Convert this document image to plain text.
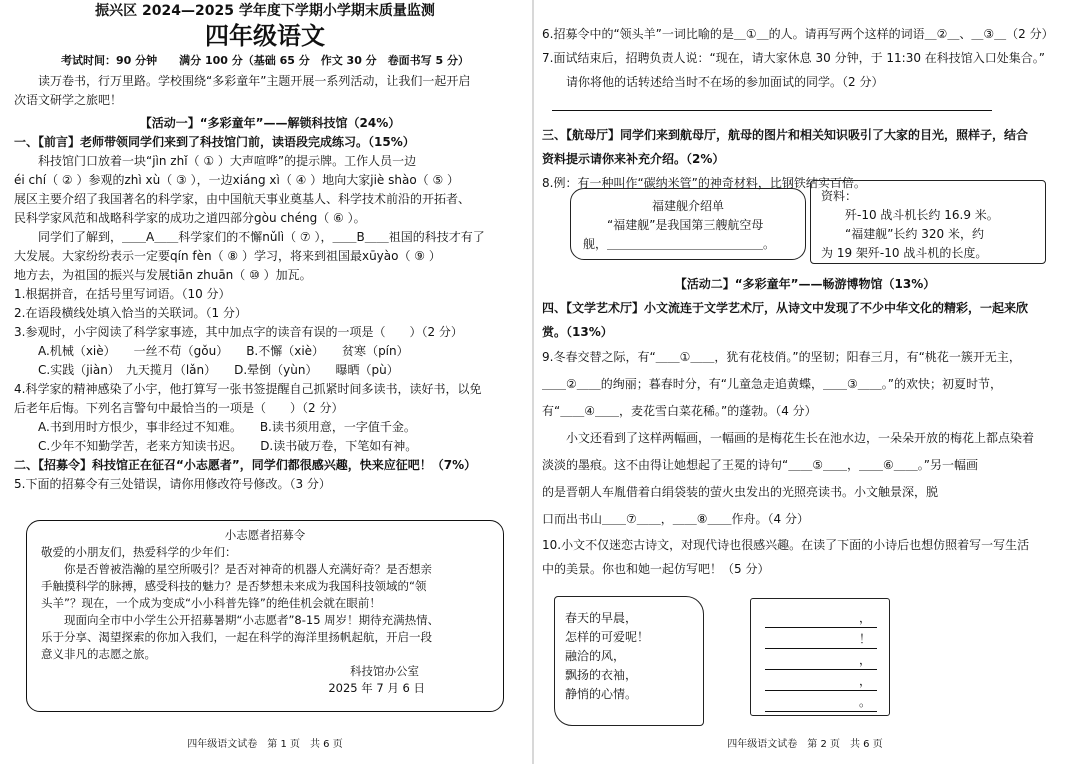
振兴区 2024—2025 学年度下学期小学期末质量监测

四年级语文

考试时间：90 分钟　　满分 100 分（基础 65 分　作文 30 分　卷面书写 5 分）

读万卷书，行万里路。学校围绕“多彩童年”主题开展一系列活动，让我们一起开启

次语文研学之旅吧！

【活动一】“多彩童年”——解锁科技馆（24%）

一、【前言】老师带领同学们来到了科技馆门前，读语段完成练习。（15%）

科技馆门口放着一块“jìn zhǐ（ ① ）大声喧哗”的提示牌。工作人员一边

éi chí（ ② ）参观的zhì xù（ ③ ），一边xiáng xì（ ④ ）地向大家jiè shào（ ⑤ ）

展区主要介绍了我国著名的科学家，由中国航天事业奠基人、科学技术前沿的开拓者、

民科学家风范和战略科学家的成功之道四部分gòu chéng（ ⑥ ）。

同学们了解到，＿＿A＿＿科学家们的不懈nǔlì（ ⑦ ），＿＿B＿＿祖国的科技才有了

大发展。大家纷纷表示一定要qín fèn（ ⑧ ）学习，将来到祖国最xūyào（ ⑨ ）

地方去，为祖国的振兴与发展tiān zhuān（ ⑩ ）加瓦。

1.根据拼音，在括号里写词语。（10 分）

2.在语段横线处填入恰当的关联词。（1 分）

3.参观时，小宇阅读了科学家事迹，其中加点字的读音有误的一项是（　　）（2 分）

A.机械（xiè）　　一丝不苟（gǒu）　　B.不懈（xiè）　　贫寒（pín）

C.实践（jiàn）　九天揽月（lǎn）　　D.晕倒（yùn）　　曝晒（pù）

4.科学家的精神感染了小宇，他打算写一张书签提醒自己抓紧时间多读书，读好书，以免

后老年后悔。下列名言警句中最恰当的一项是（　　）（2 分）

A.书到用时方恨少，事非经过不知难。　　B.读书须用意，一字值千金。

C.少年不知勤学苦，老来方知读书迟。　　D.读书破万卷，下笔如有神。

二、【招募令】科技馆正在征召“小志愿者”，同学们都很感兴趣，快来应征吧！（7%）

5.下面的招募令有三处错误，请你用修改符号修改。（3 分）

小志愿者招募令

敬爱的小朋友们，热爱科学的少年们：

你是否曾被浩瀚的星空所吸引？是否对神奇的机器人充满好奇？是否想亲

手触摸科学的脉搏，感受科技的魅力？是否梦想未来成为我国科技领域的“领

头羊”？现在，一个成为变成“小小科普先锋”的绝佳机会就在眼前！

现面向全市中小学生公开招募暑期“小志愿者”8-15 周岁！期待充满热情、

乐于分享、渴望探索的你加入我们，一起在科学的海洋里扬帆起航，开启一段

意义非凡的志愿之旅。

科技馆办公室

2025 年 7 月 6 日

四年级语文试卷　第 1 页　共 6 页

6.招募令中的“领头羊”一词比喻的是＿①＿的人。请再写两个这样的词语＿②＿、＿③＿（2 分）

7.面试结束后，招聘负责人说：“现在，请大家休息 30 分钟，于 11:30 在科技馆入口处集合。”

请你将他的话转述给当时不在场的参加面试的同学。（2 分）

三、【航母厅】同学们来到航母厅，航母的图片和相关知识吸引了大家的目光，照样子，结合

资料提示请你来补充介绍。（2%）

8.例：有一种叫作“碳纳米管”的神奇材料，比钢铁结实百倍。

福建舰介绍单

“福建舰”是我国第三艘航空母

舰，＿＿＿＿＿＿＿＿＿＿＿＿＿。

资料：

歼-10 战斗机长约 16.9 米。

“福建舰”长约 320 米，约

为 19 架歼-10 战斗机的长度。

【活动二】“多彩童年”——畅游博物馆（13%）

四、【文学艺术厅】小文流连于文学艺术厅，从诗文中发现了不少中华文化的精彩，一起来欣

赏。（13%）

9.冬春交替之际，有“＿＿①＿＿，犹有花枝俏。”的坚韧；阳春三月，有“桃花一簇开无主，

＿＿②＿＿的绚丽；暮春时分，有“儿童急走追黄蝶，＿＿③＿＿。”的欢快；初夏时节，

有“＿＿④＿＿，麦花雪白菜花稀。”的蓬勃。（4 分）

小文还看到了这样两幅画，一幅画的是梅花生长在池水边，一朵朵开放的梅花上都点染着

淡淡的墨痕。这不由得让她想起了王冕的诗句“＿＿⑤＿＿，＿＿⑥＿＿。”另一幅画

的是晋朝人车胤借着白绢袋装的萤火虫发出的光照亮读书。小文触景深，脱

口而出书山＿＿⑦＿＿，＿＿⑧＿＿作舟。（4 分）

10.小文不仅迷恋古诗文，对现代诗也很感兴趣。在读了下面的小诗后也想仿照着写一写生活

中的美景。你也和她一起仿写吧！（5 分）

春天的早晨，

怎样的可爱呢！

融洽的风，

飘扬的衣袖，

静悄的心情。

，
！
，
，
。

四年级语文试卷　第 2 页　共 6 页
